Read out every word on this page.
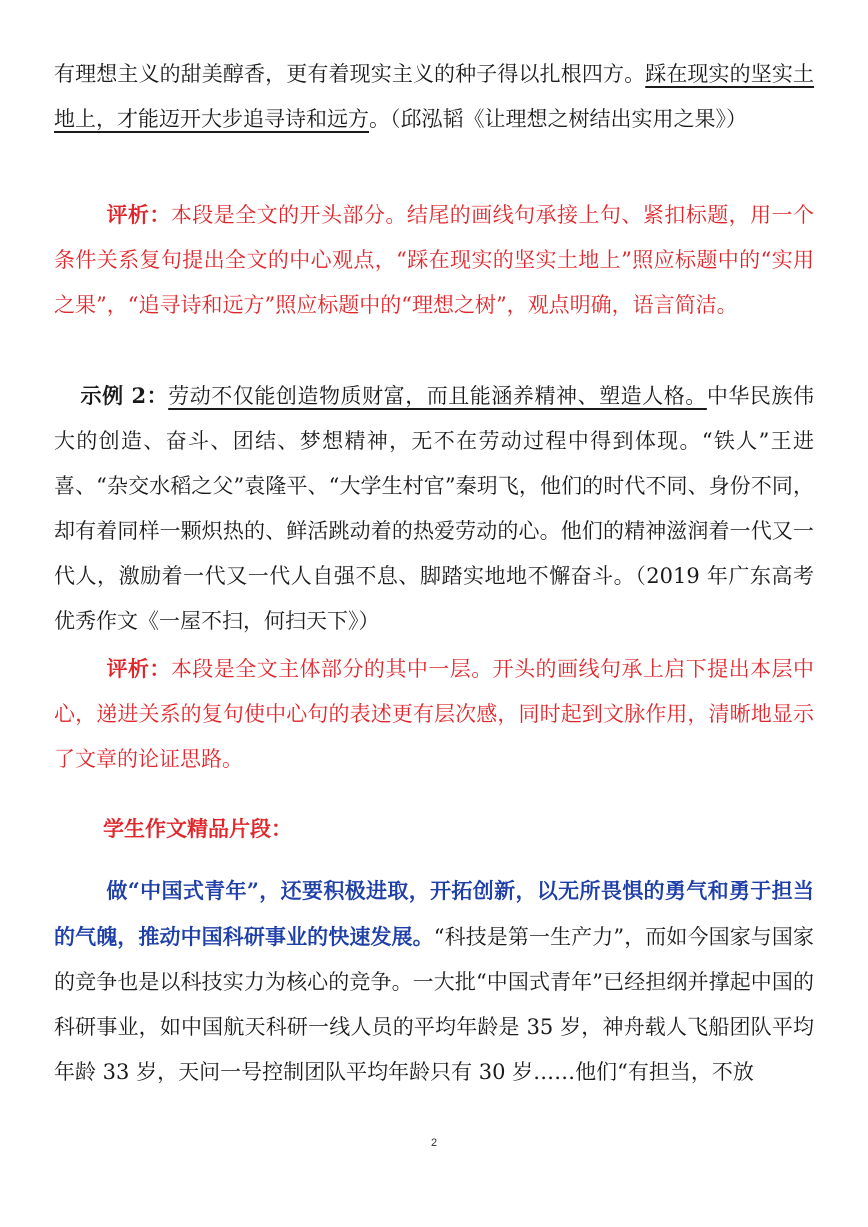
有理想主义的甜美醇香，更有着现实主义的种子得以扎根四方。踩在现实的坚实土地上，才能迈开大步追寻诗和远方。（邱泓韬《让理想之树结出实用之果》）

评析：本段是全文的开头部分。结尾的画线句承接上句、紧扣标题，用一个条件关系复句提出全文的中心观点，“踩在现实的坚实土地上”照应标题中的“实用之果”，“追寻诗和远方”照应标题中的“理想之树”，观点明确，语言简洁。

示例 2：劳动不仅能创造物质财富，而且能涵养精神、塑造人格。中华民族伟大的创造、奋斗、团结、梦想精神，无不在劳动过程中得到体现。“铁人”王进喜、“杂交水稻之父”袁隆平、“大学生村官”秦玥飞，他们的时代不同、身份不同，却有着同样一颗炽热的、鲜活跳动着的热爱劳动的心。他们的精神滋润着一代又一代人，激励着一代又一代人自强不息、脚踏实地地不懈奋斗。（2019 年广东高考优秀作文《一屋不扫，何扫天下》）

评析：本段是全文主体部分的其中一层。开头的画线句承上启下提出本层中心，递进关系的复句使中心句的表述更有层次感，同时起到文脉作用，清晰地显示了文章的论证思路。

学生作文精品片段：

做“中国式青年”，还要积极进取，开拓创新，以无所畏惧的勇气和勇于担当的气魄，推动中国科研事业的快速发展。“科技是第一生产力”，而如今国家与国家的竞争也是以科技实力为核心的竞争。一大批“中国式青年”已经担纲并撑起中国的科研事业，如中国航天科研一线人员的平均年龄是 35 岁，神舟载人飞船团队平均年龄 33 岁，天问一号控制团队平均年龄只有 30 岁……他们“有担当，不放

2
